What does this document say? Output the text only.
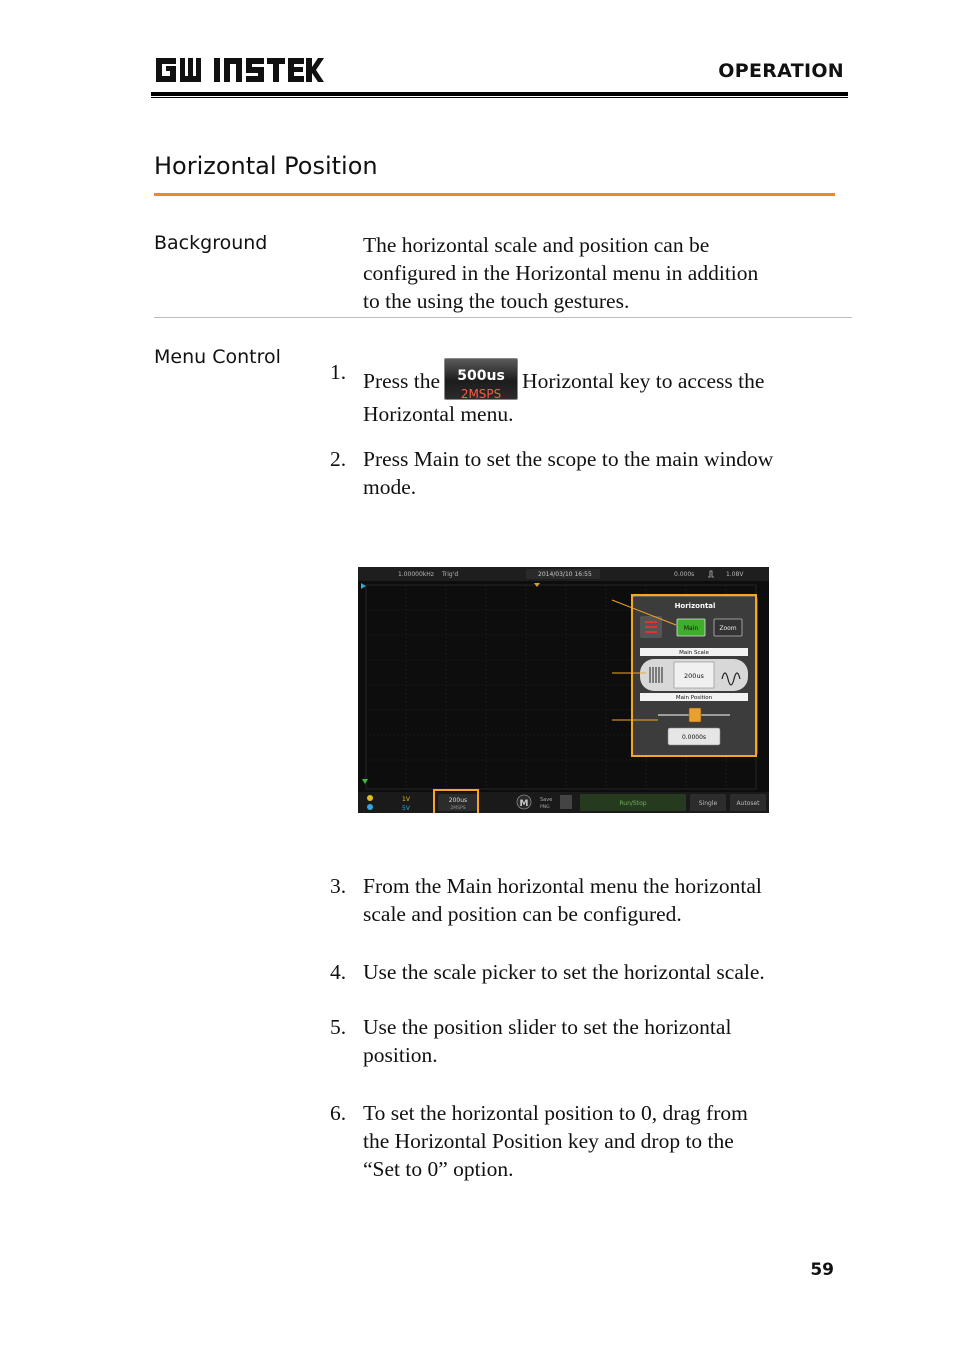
OPERATION
Horizontal Position
Background	The horizontal scale and position can be
configured in the Horizontal menu in addition
to the using the touch gestures.
Menu Control
1. Press the	500us
2MSPS
Horizontal key to access the
Horizontal menu.
2. Press Main to set the scope to the main window
mode.
1.00000kHz Trig'd	2014/03/10 16:55	0.000s	1.08V
1V
5V
200us
2MSPS	M Save
PNG
Run/Stop	Single	Autoset
Horizontal
Main	Zoom
Main Scale
200us
Main Position
0.0000s
3. From the Main horizontal menu the horizontal
scale and position can be configured.
4. Use the scale picker to set the horizontal scale.
5. Use the position slider to set the horizontal
position.
6. To set the horizontal position to 0, drag from
the Horizontal Position key and drop to the
“Set to 0” option.
59
